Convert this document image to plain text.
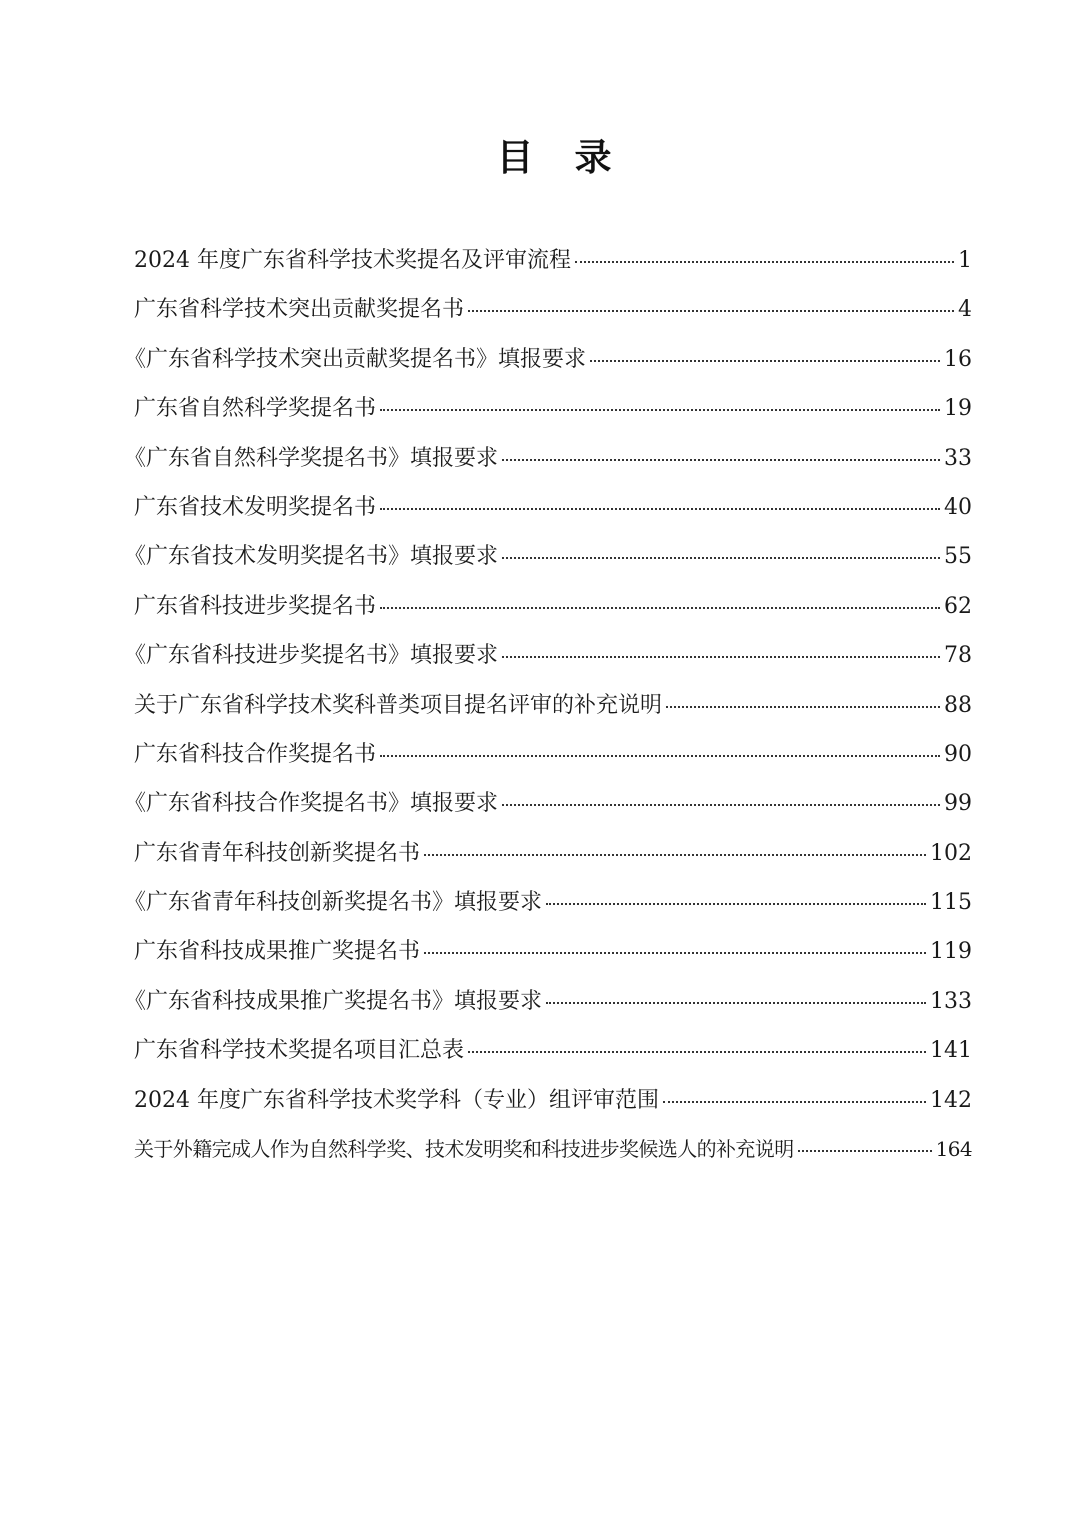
目　录
2024 年度广东省科学技术奖提名及评审流程	1
广东省科学技术突出贡献奖提名书	4
《广东省科学技术突出贡献奖提名书》填报要求	16
广东省自然科学奖提名书	19
《广东省自然科学奖提名书》填报要求	33
广东省技术发明奖提名书	40
《广东省技术发明奖提名书》填报要求	55
广东省科技进步奖提名书	62
《广东省科技进步奖提名书》填报要求	78
关于广东省科学技术奖科普类项目提名评审的补充说明	88
广东省科技合作奖提名书	90
《广东省科技合作奖提名书》填报要求	99
广东省青年科技创新奖提名书	102
《广东省青年科技创新奖提名书》填报要求	115
广东省科技成果推广奖提名书	119
《广东省科技成果推广奖提名书》填报要求	133
广东省科学技术奖提名项目汇总表	141
2024 年度广东省科学技术奖学科（专业）组评审范围	142
关于外籍完成人作为自然科学奖、技术发明奖和科技进步奖候选人的补充说明	164
